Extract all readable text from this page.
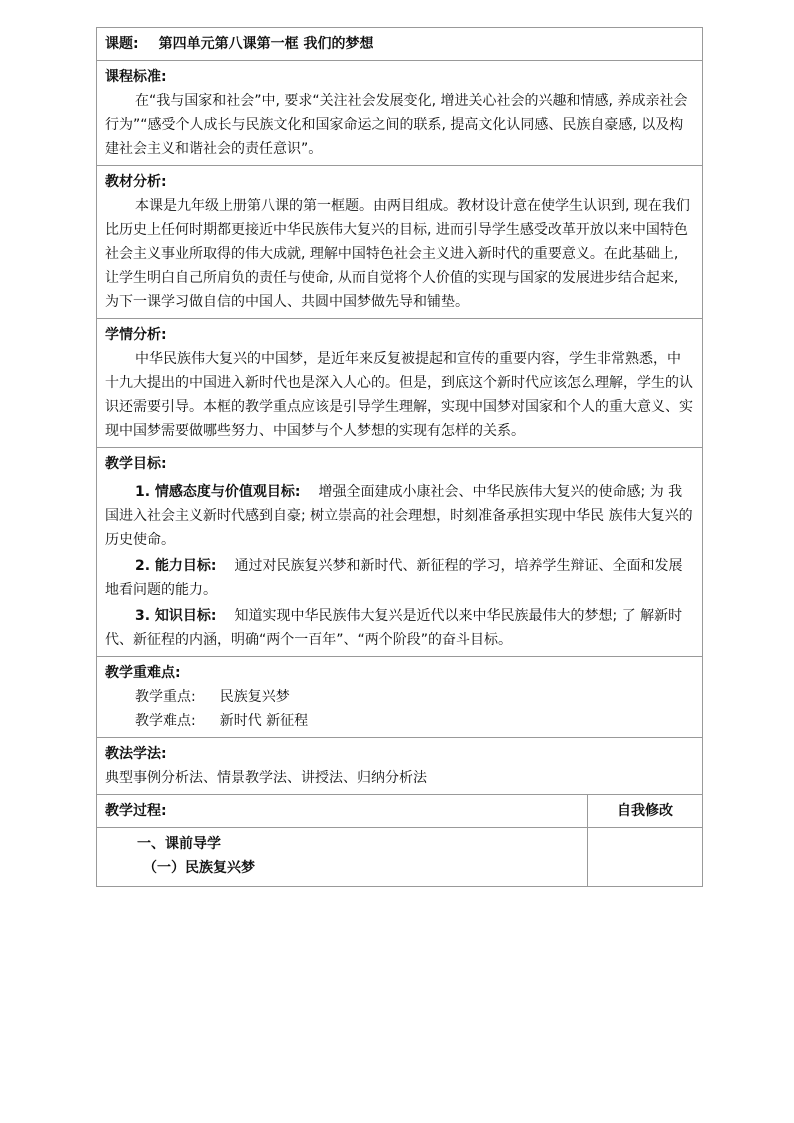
课题: 第四单元第八课第一框 我们的梦想	

课程标准:

在“我与国家和社会”中, 要求“关注社会发展变化, 增进关心社会的兴趣和情感, 养成亲社会行为”“感受个人成长与民族文化和国家命运之间的联系, 提高文化认同感、民族自豪感, 以及构建社会主义和谐社会的责任意识”。	

教材分析:

本课是九年级上册第八课的第一框题。由两目组成。教材设计意在使学生认识到, 现在我们比历史上任何时期都更接近中华民族伟大复兴的目标, 进而引导学生感受改革开放以来中国特色社会主义事业所取得的伟大成就, 理解中国特色社会主义进入新时代的重要意义。在此基础上, 让学生明白自己所肩负的责任与使命, 从而自觉将个人价值的实现与国家的发展进步结合起来, 为下一课学习做自信的中国人、共圆中国梦做先导和铺垫。	

学情分析:

中华民族伟大复兴的中国梦，是近年来反复被提起和宣传的重要内容，学生非常熟悉，中十九大提出的中国进入新时代也是深入人心的。但是，到底这个新时代应该怎么理解，学生的认识还需要引导。本框的教学重点应该是引导学生理解，实现中国梦对国家和个人的重大意义、实现中国梦需要做哪些努力、中国梦与个人梦想的实现有怎样的关系。	

教学目标:

1. 情感态度与价值观目标: 增强全面建成小康社会、中华民族伟大复兴的使命感; 为 我国进入社会主义新时代感到自豪; 树立崇高的社会理想，时刻准备承担实现中华民 族伟大复兴的历史使命。

2. 能力目标: 通过对民族复兴梦和新时代、新征程的学习，培养学生辩证、全面和发展地看问题的能力。

3. 知识目标: 知道实现中华民族伟大复兴是近代以来中华民族最伟大的梦想; 了 解新时代、新征程的内涵，明确“两个一百年”、“两个阶段”的奋斗目标。	

教学重难点:

教学重点: 民族复兴梦

教学难点: 新时代 新征程	

教法学法:

典型事例分析法、情景教学法、讲授法、归纳分析法	

教学过程:	自我修改

一、课前导学

（一）民族复兴梦	
